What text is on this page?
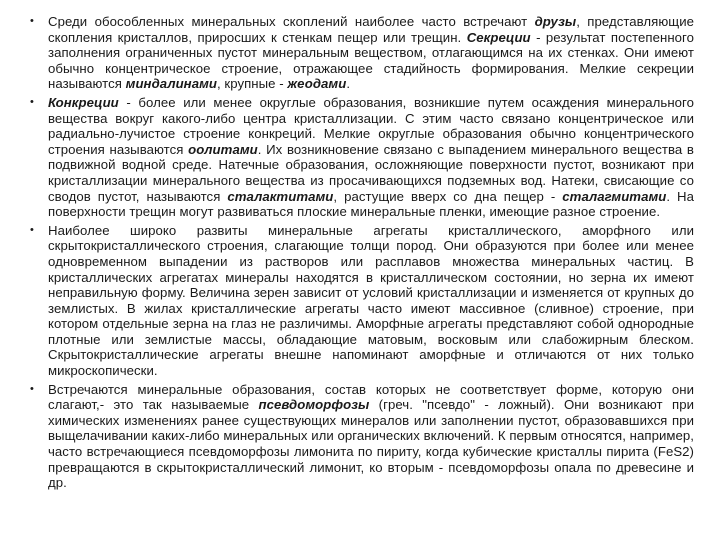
• Среди обособленных минеральных скоплений наиболее часто встречают друзы, представляющие скопления кристаллов, приросших к стенкам пещер или трещин. Секреции - результат постепенного заполнения ограниченных пустот минеральным веществом, отлагающимся на их стенках. Они имеют обычно концентрическое строение, отражающее стадийность формирования. Мелкие секреции называются миндалинами, крупные - жеодами.
• Конкреции - более или менее округлые образования, возникшие путем осаждения минерального вещества вокруг какого-либо центра кристаллизации. С этим часто связано концентрическое или радиально-лучистое строение конкреций. Мелкие округлые образования обычно концентрического строения называются оолитами. Их возникновение связано с выпадением минерального вещества в подвижной водной среде. Натечные образования, осложняющие поверхности пустот, возникают при кристаллизации минерального вещества из просачивающихся подземных вод. Натеки, свисающие со сводов пустот, называются сталактитами, растущие вверх со дна пещер - сталагмитами. На поверхности трещин могут развиваться плоские минеральные пленки, имеющие разное строение.
• Наиболее широко развиты минеральные агрегаты кристаллического, аморфного или скрытокристаллического строения, слагающие толщи пород. Они образуются при более или менее одновременном выпадении из растворов или расплавов множества минеральных частиц. В кристаллических агрегатах минералы находятся в кристаллическом состоянии, но зерна их имеют неправильную форму. Величина зерен зависит от условий кристаллизации и изменяется от крупных до землистых. В жилах кристаллические агрегаты часто имеют массивное (сливное) строение, при котором отдельные зерна на глаз не различимы. Аморфные агрегаты представляют собой однородные плотные или землистые массы, обладающие матовым, восковым или слабожирным блеском. Скрытокристаллические агрегаты внешне напоминают аморфные и отличаются от них только микроскопически.
• Встречаются минеральные образования, состав которых не соответствует форме, которую они слагают,- это так называемые псевдоморфозы (греч. "псевдо" - ложный). Они возникают при химических изменениях ранее существующих минералов или заполнении пустот, образовавшихся при выщелачивании каких-либо минеральных или органических включений. К первым относятся, например, часто встречающиеся псевдоморфозы лимонита по пириту, когда кубические кристаллы пирита (FeS2) превращаются в скрытокристаллический лимонит, ко вторым - псевдоморфозы опала по древесине и др.
